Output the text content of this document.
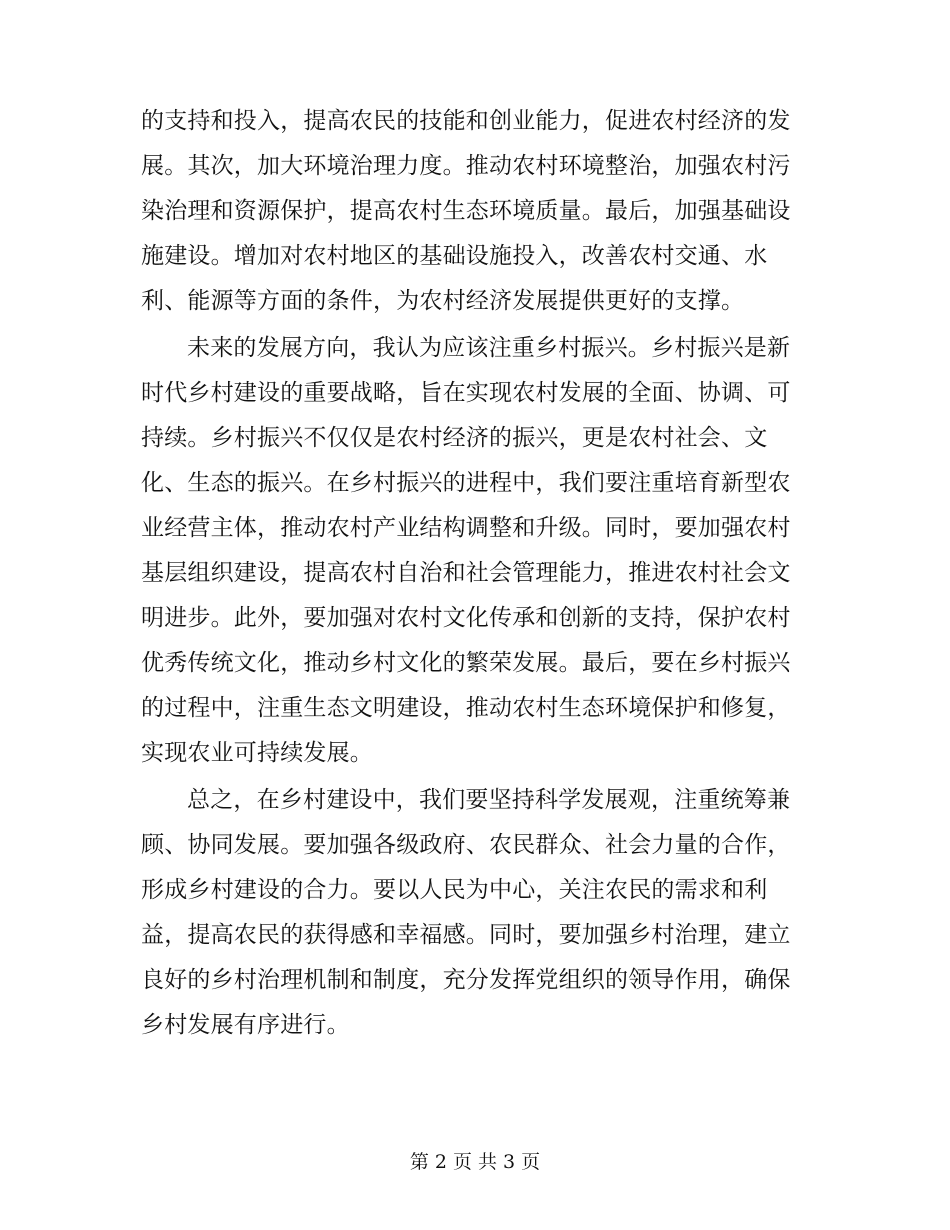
的支持和投入，提高农民的技能和创业能力，促进农村经济的发
展。其次，加大环境治理力度。推动农村环境整治，加强农村污
染治理和资源保护，提高农村生态环境质量。最后，加强基础设
施建设。增加对农村地区的基础设施投入，改善农村交通、水
利、能源等方面的条件，为农村经济发展提供更好的支撑。
未来的发展方向，我认为应该注重乡村振兴。乡村振兴是新
时代乡村建设的重要战略，旨在实现农村发展的全面、协调、可
持续。乡村振兴不仅仅是农村经济的振兴，更是农村社会、文
化、生态的振兴。在乡村振兴的进程中，我们要注重培育新型农
业经营主体，推动农村产业结构调整和升级。同时，要加强农村
基层组织建设，提高农村自治和社会管理能力，推进农村社会文
明进步。此外，要加强对农村文化传承和创新的支持，保护农村
优秀传统文化，推动乡村文化的繁荣发展。最后，要在乡村振兴
的过程中，注重生态文明建设，推动农村生态环境保护和修复，
实现农业可持续发展。
总之，在乡村建设中，我们要坚持科学发展观，注重统筹兼
顾、协同发展。要加强各级政府、农民群众、社会力量的合作，
形成乡村建设的合力。要以人民为中心，关注农民的需求和利
益，提高农民的获得感和幸福感。同时，要加强乡村治理，建立
良好的乡村治理机制和制度，充分发挥党组织的领导作用，确保
乡村发展有序进行。
第 2 页 共 3 页
